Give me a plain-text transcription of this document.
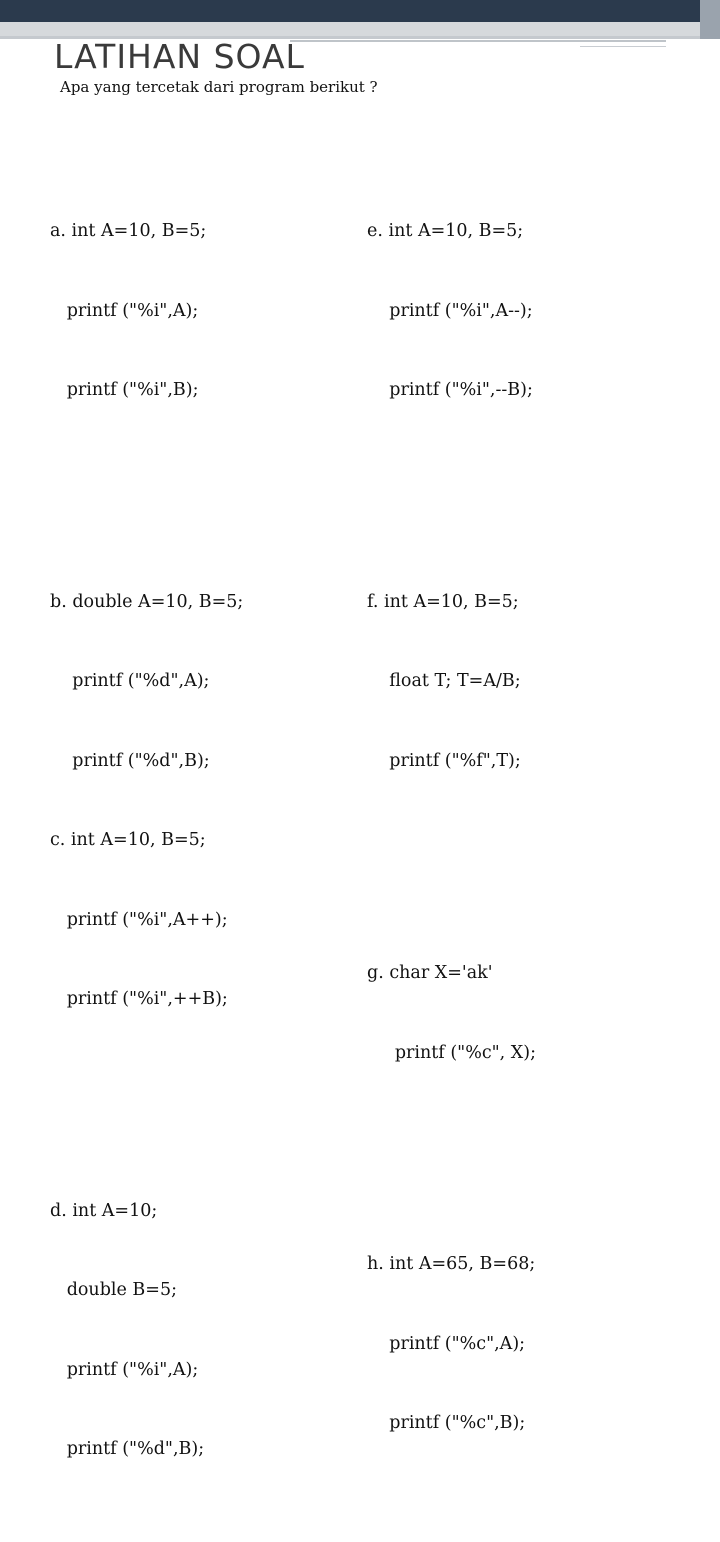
LATIHAN SOAL
Apa yang tercetak dari program berikut ?

a. int A=10, B=5;

printf ("%i",A);

printf ("%i",B);

b. double A=10, B=5;

printf ("%d",A);

printf ("%d",B);

c. int A=10, B=5;

printf ("%i",A++);

printf ("%i",++B);

d. int A=10;

double B=5;

printf ("%i",A);

printf ("%d",B);

e. int A=10, B=5;

printf ("%i",A--);

printf ("%i",--B);

f. int A=10, B=5;

float T; T=A/B;

printf ("%f",T);

g. char X='ak'

printf ("%c", X);

h. int A=65, B=68;

printf ("%c",A);

printf ("%c",B);
